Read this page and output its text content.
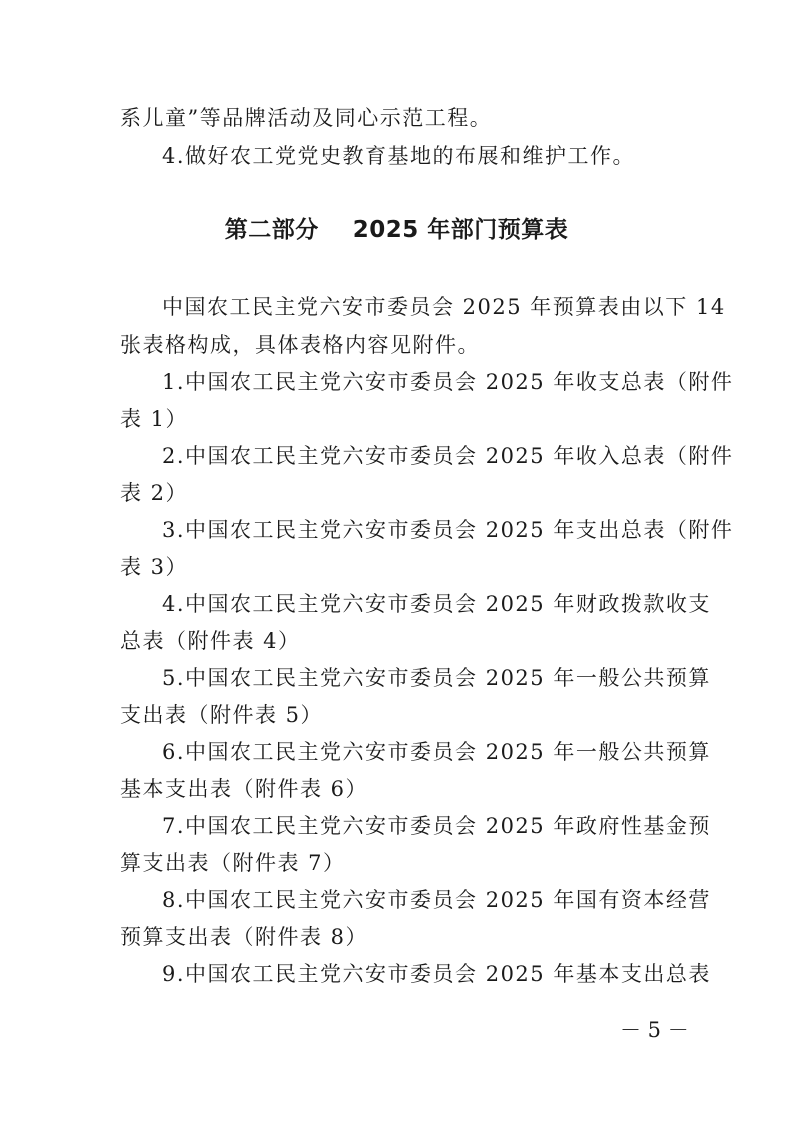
系儿童”等品牌活动及同心示范工程。
4.做好农工党党史教育基地的布展和维护工作。
第二部分    2025 年部门预算表
中国农工民主党六安市委员会 2025 年预算表由以下 14
张表格构成，具体表格内容见附件。
1.中国农工民主党六安市委员会 2025 年收支总表（附件
表 1）
2.中国农工民主党六安市委员会 2025 年收入总表（附件
表 2）
3.中国农工民主党六安市委员会 2025 年支出总表（附件
表 3）
4.中国农工民主党六安市委员会 2025 年财政拨款收支
总表（附件表 4）
5.中国农工民主党六安市委员会 2025 年一般公共预算
支出表（附件表 5）
6.中国农工民主党六安市委员会 2025 年一般公共预算
基本支出表（附件表 6）
7.中国农工民主党六安市委员会 2025 年政府性基金预
算支出表（附件表 7）
8.中国农工民主党六安市委员会 2025 年国有资本经营
预算支出表（附件表 8）
9.中国农工民主党六安市委员会 2025 年基本支出总表
－ 5 －
